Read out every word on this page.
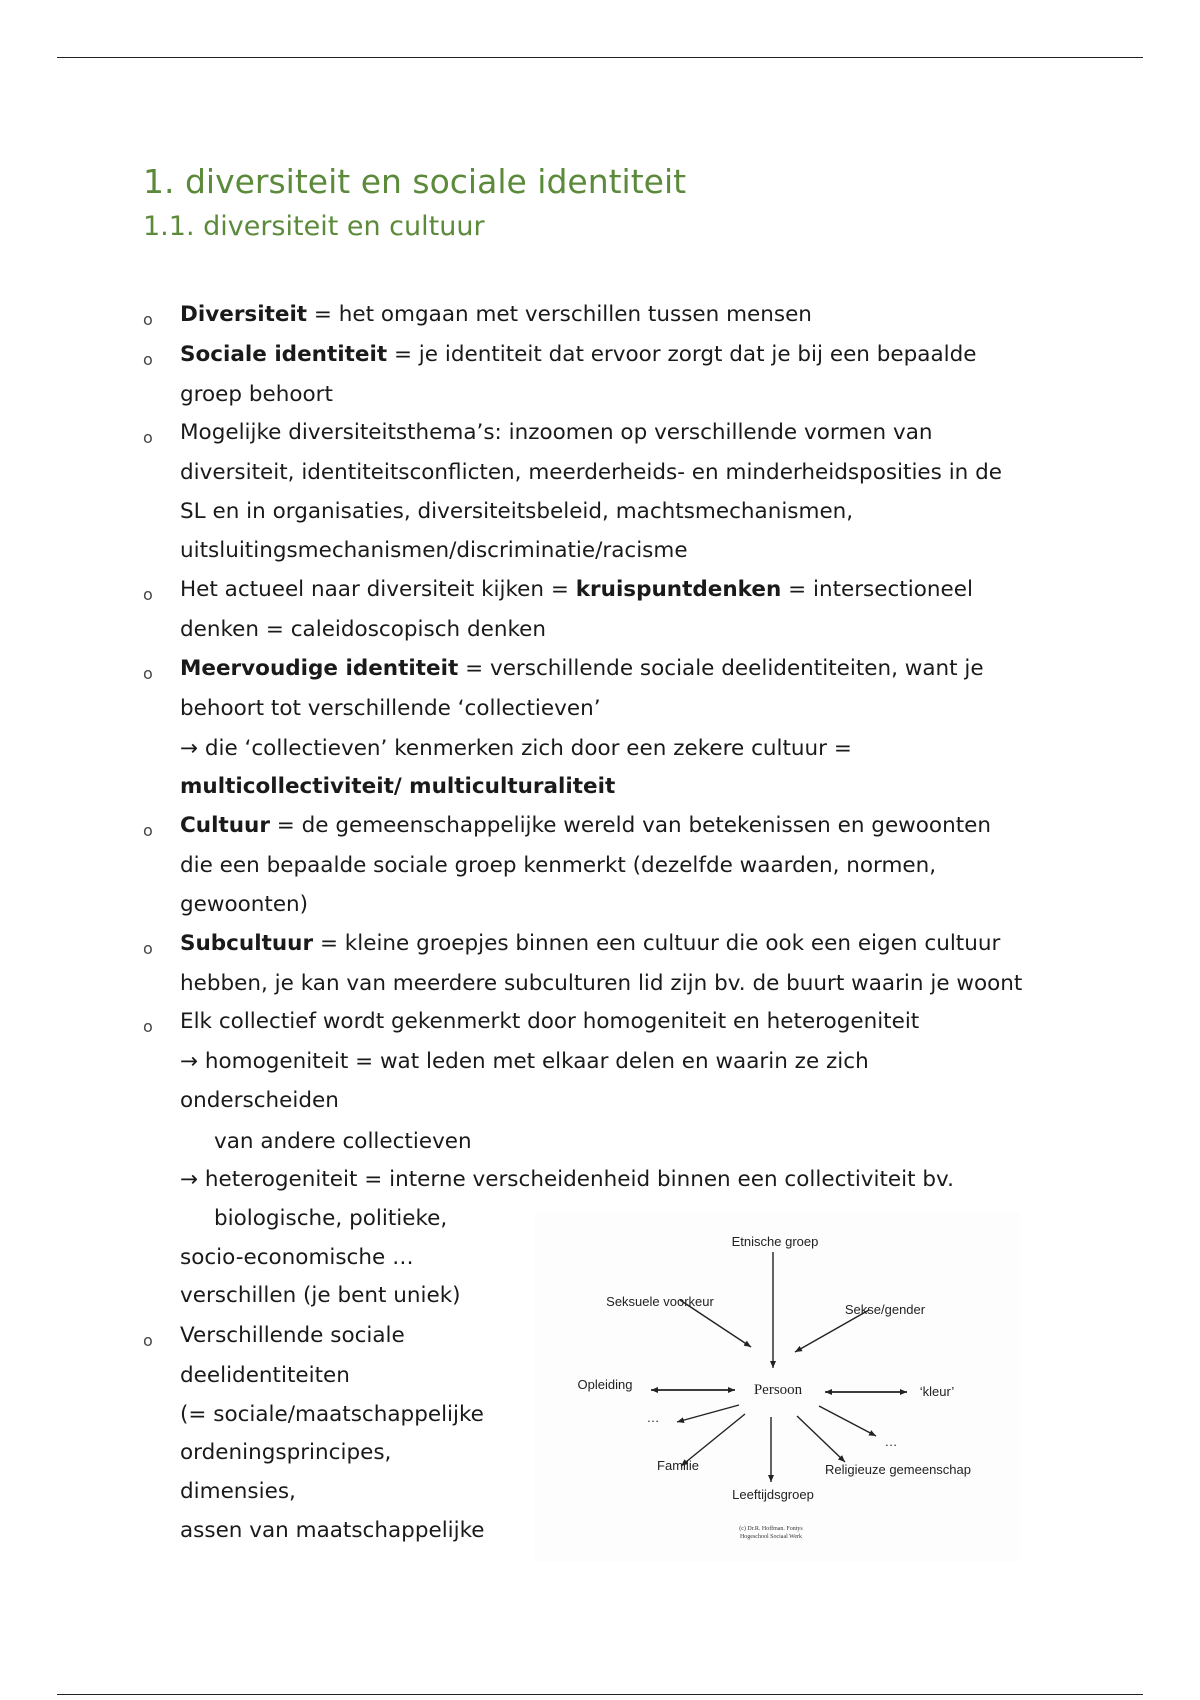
1. diversiteit en sociale identiteit
1.1. diversiteit en cultuur
o Diversiteit = het omgaan met verschillen tussen mensen
o Sociale identiteit = je identiteit dat ervoor zorgt dat je bij een bepaalde
groep behoort
o Mogelijke diversiteitsthema’s: inzoomen op verschillende vormen van
diversiteit, identiteitsconflicten, meerderheids- en minderheidsposities in de
SL en in organisaties, diversiteitsbeleid, machtsmechanismen,
uitsluitingsmechanismen/discriminatie/racisme
o Het actueel naar diversiteit kijken = kruispuntdenken = intersectioneel
denken = caleidoscopisch denken
o Meervoudige identiteit = verschillende sociale deelidentiteiten, want je
behoort tot verschillende ‘collectieven’
→ die ‘collectieven’ kenmerken zich door een zekere cultuur =
multicollectiviteit/ multiculturaliteit
o Cultuur = de gemeenschappelijke wereld van betekenissen en gewoonten
die een bepaalde sociale groep kenmerkt (dezelfde waarden, normen,
gewoonten)
o Subcultuur = kleine groepjes binnen een cultuur die ook een eigen cultuur
hebben, je kan van meerdere subculturen lid zijn bv. de buurt waarin je woont
o Elk collectief wordt gekenmerkt door homogeniteit en heterogeniteit
→ homogeniteit = wat leden met elkaar delen en waarin ze zich
onderscheiden
van andere collectieven
→ heterogeniteit = interne verscheidenheid binnen een collectiviteit bv.
biologische, politieke,
socio-economische …
verschillen (je bent uniek)
o Verschillende sociale
deelidentiteiten
(= sociale/maatschappelijke
ordeningsprincipes,
dimensies,
assen van maatschappelijke
Etnische groep
Seksuele voorkeur
Sekse/gender
Opleiding	‘kleur’
…
…
Familie
Leeftijdsgroep
Religieuze gemeenschap
Persoon
(c) Dr.R. Hoffman. Fontys
Hogeschool Sociaal Werk
